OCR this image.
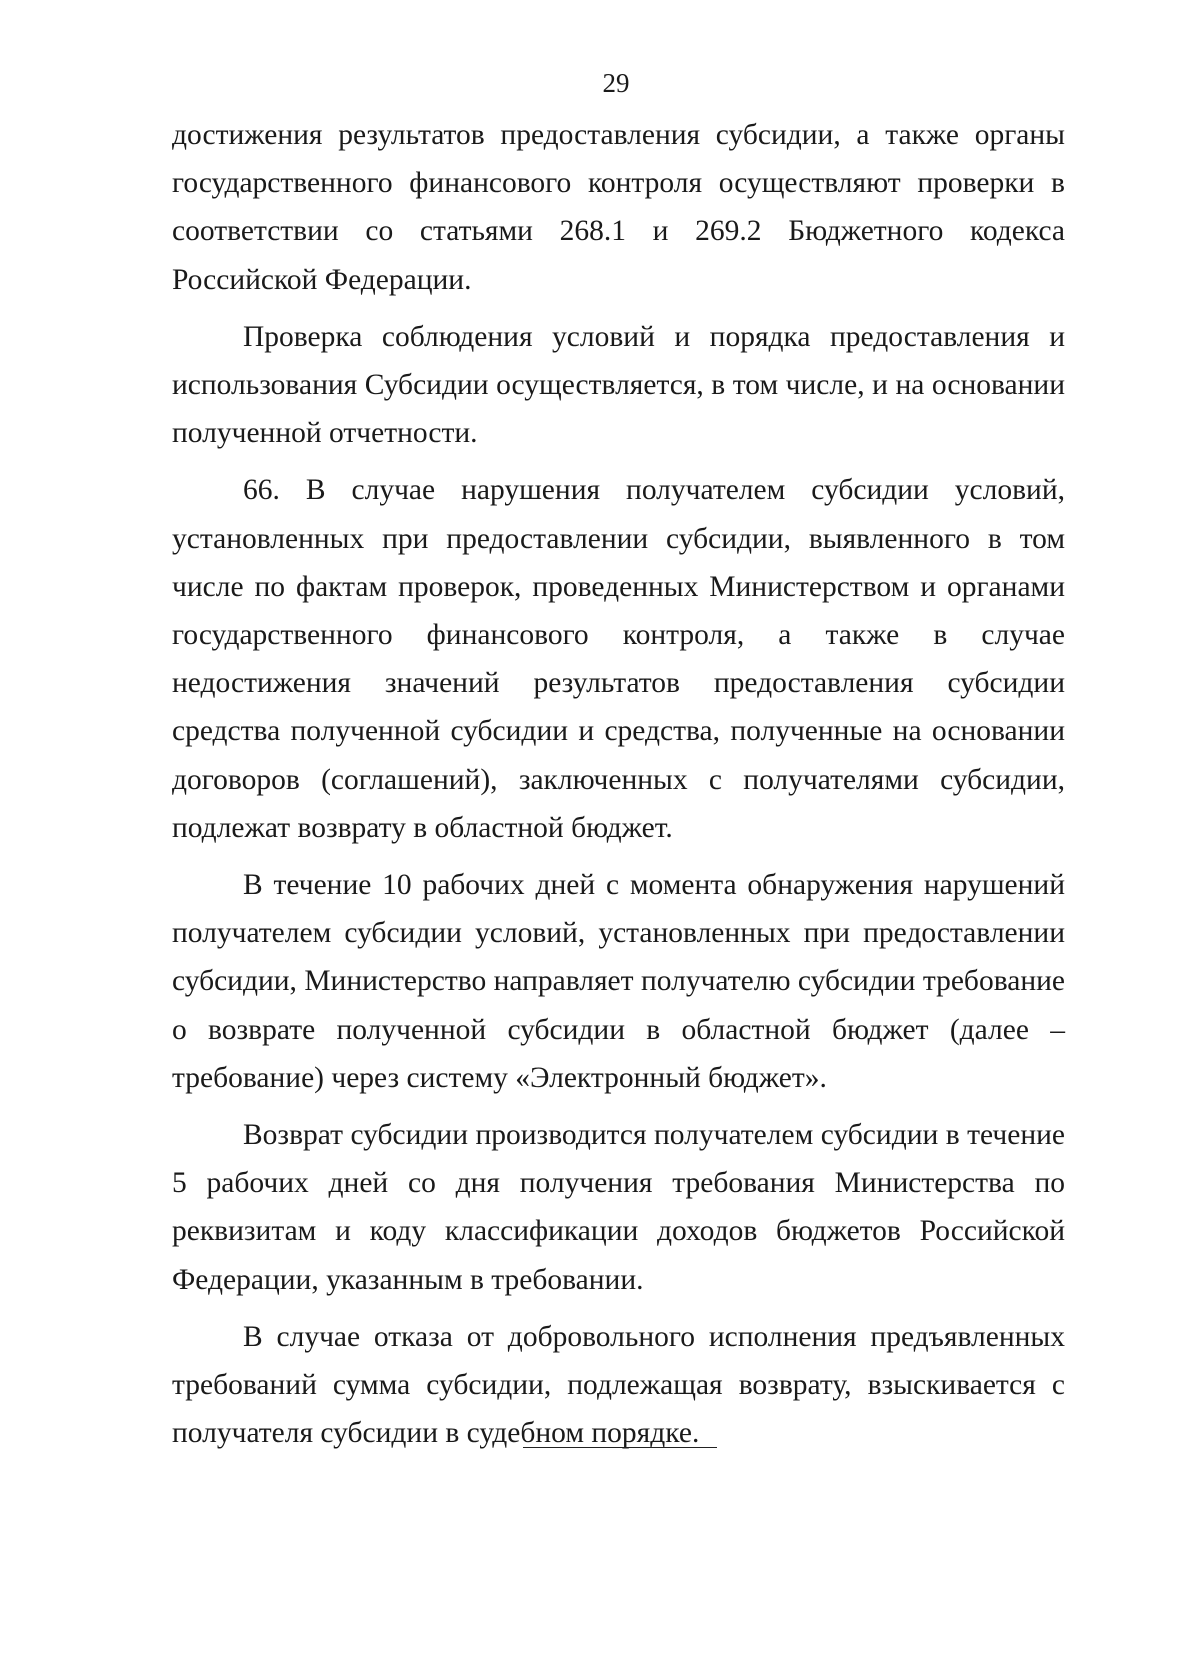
29

достижения результатов предоставления субсидии, а также органы государственного финансового контроля осуществляют проверки в соответствии со статьями 268.1 и 269.2 Бюджетного кодекса Российской Федерации.

Проверка соблюдения условий и порядка предоставления и использования Субсидии осуществляется, в том числе, и на основании полученной отчетности.

66. В случае нарушения получателем субсидии условий, установленных при предоставлении субсидии, выявленного в том числе по фактам проверок, проведенных Министерством и органами государственного финансового контроля, а также в случае недостижения значений результатов предоставления субсидии средства полученной субсидии и средства, полученные на основании договоров (соглашений), заключенных с получателями субсидии, подлежат возврату в областной бюджет.

В течение 10 рабочих дней с момента обнаружения нарушений получателем субсидии условий, установленных при предоставлении субсидии, Министерство направляет получателю субсидии требование о возврате полученной субсидии в областной бюджет (далее – требование) через систему «Электронный бюджет».

Возврат субсидии производится получателем субсидии в течение 5 рабочих дней со дня получения требования Министерства по реквизитам и коду классификации доходов бюджетов Российской Федерации, указанным в требовании.

В случае отказа от добровольного исполнения предъявленных требований сумма субсидии, подлежащая возврату, взыскивается с получателя субсидии в судебном порядке.
